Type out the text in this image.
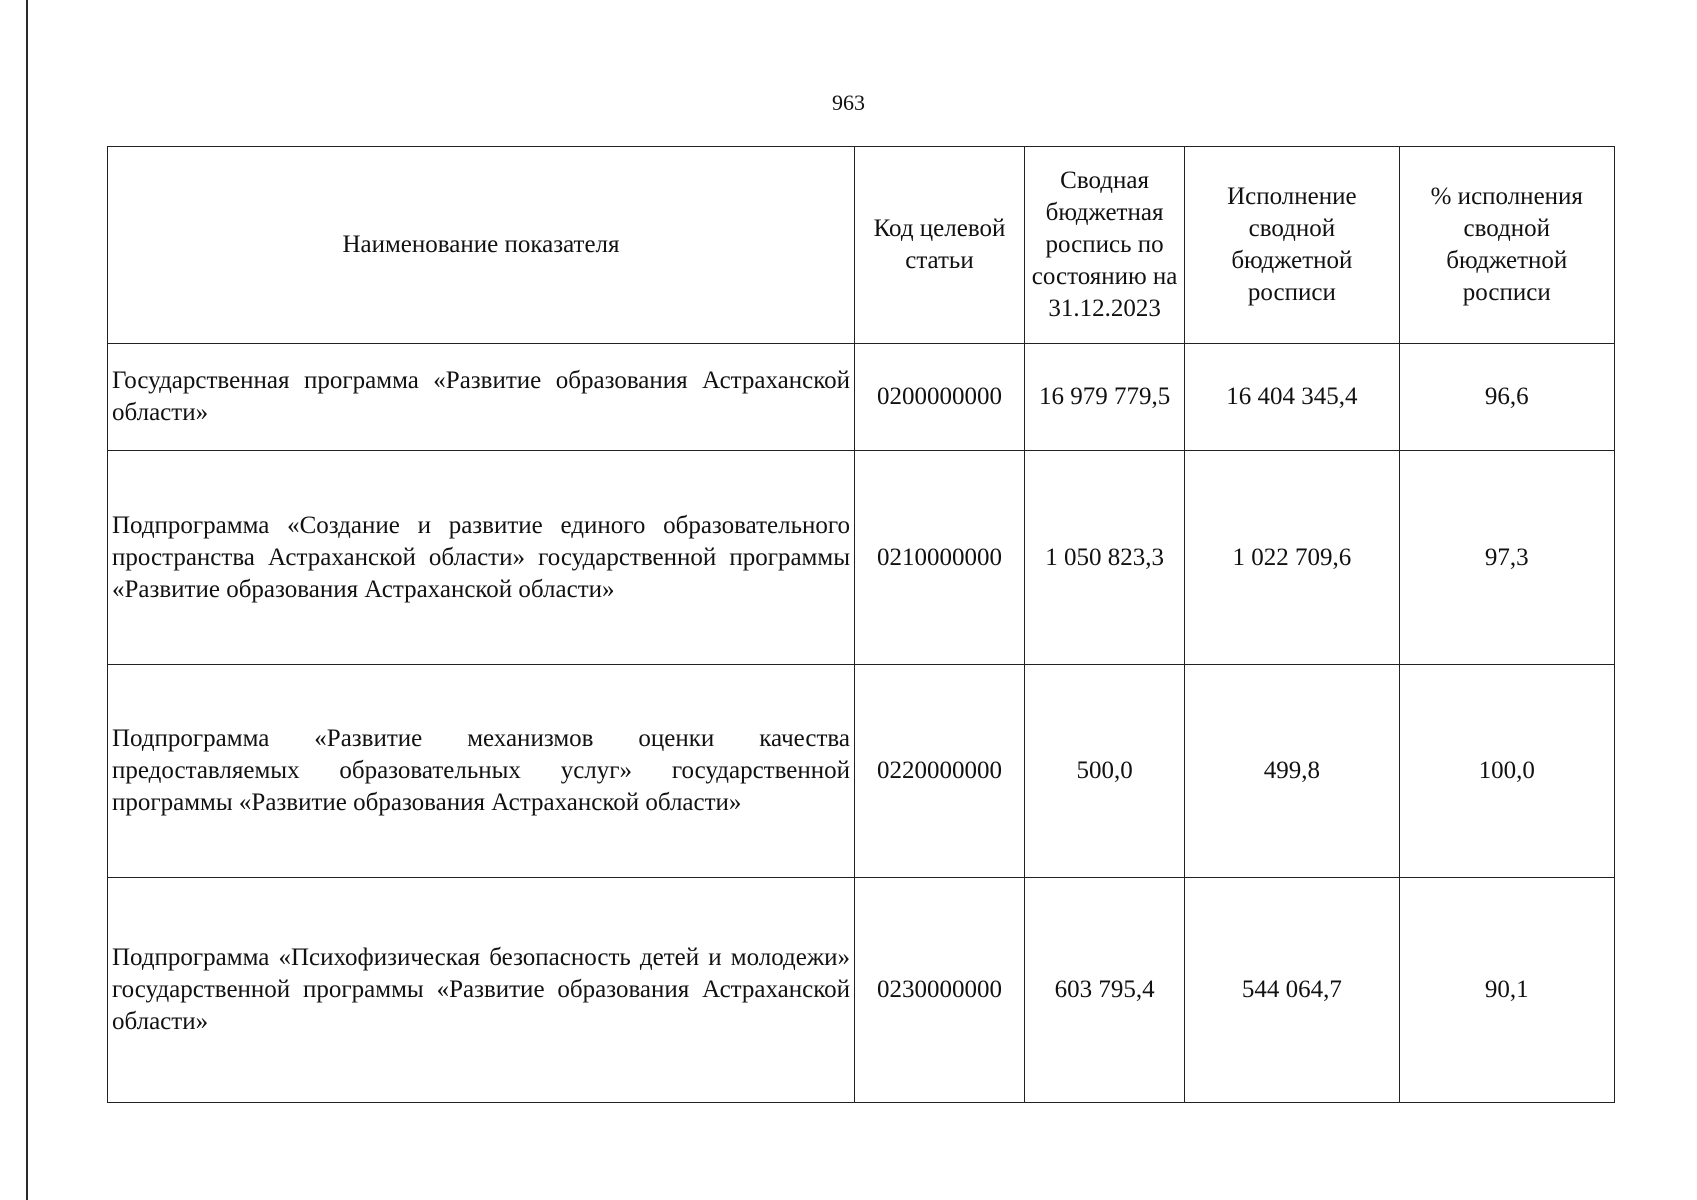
963
Наименование показателя	Код целевой статьи	Сводная бюджетная роспись по состоянию на 31.12.2023	Исполнение сводной бюджетной росписи	% исполнения сводной бюджетной росписи
Государственная программа «Развитие образования Астраханской области»	0200000000	16 979 779,5	16 404 345,4	96,6
Подпрограмма «Создание и развитие единого образовательного пространства Астраханской области» государственной программы «Развитие образования Астраханской области»	0210000000	1 050 823,3	1 022 709,6	97,3
Подпрограмма «Развитие механизмов оценки качества предоставляемых образовательных услуг» государственной программы «Развитие образования Астраханской области»	0220000000	500,0	499,8	100,0
Подпрограмма «Психофизическая безопасность детей и молодежи» государственной программы «Развитие образования Астраханской области»	0230000000	603 795,4	544 064,7	90,1
